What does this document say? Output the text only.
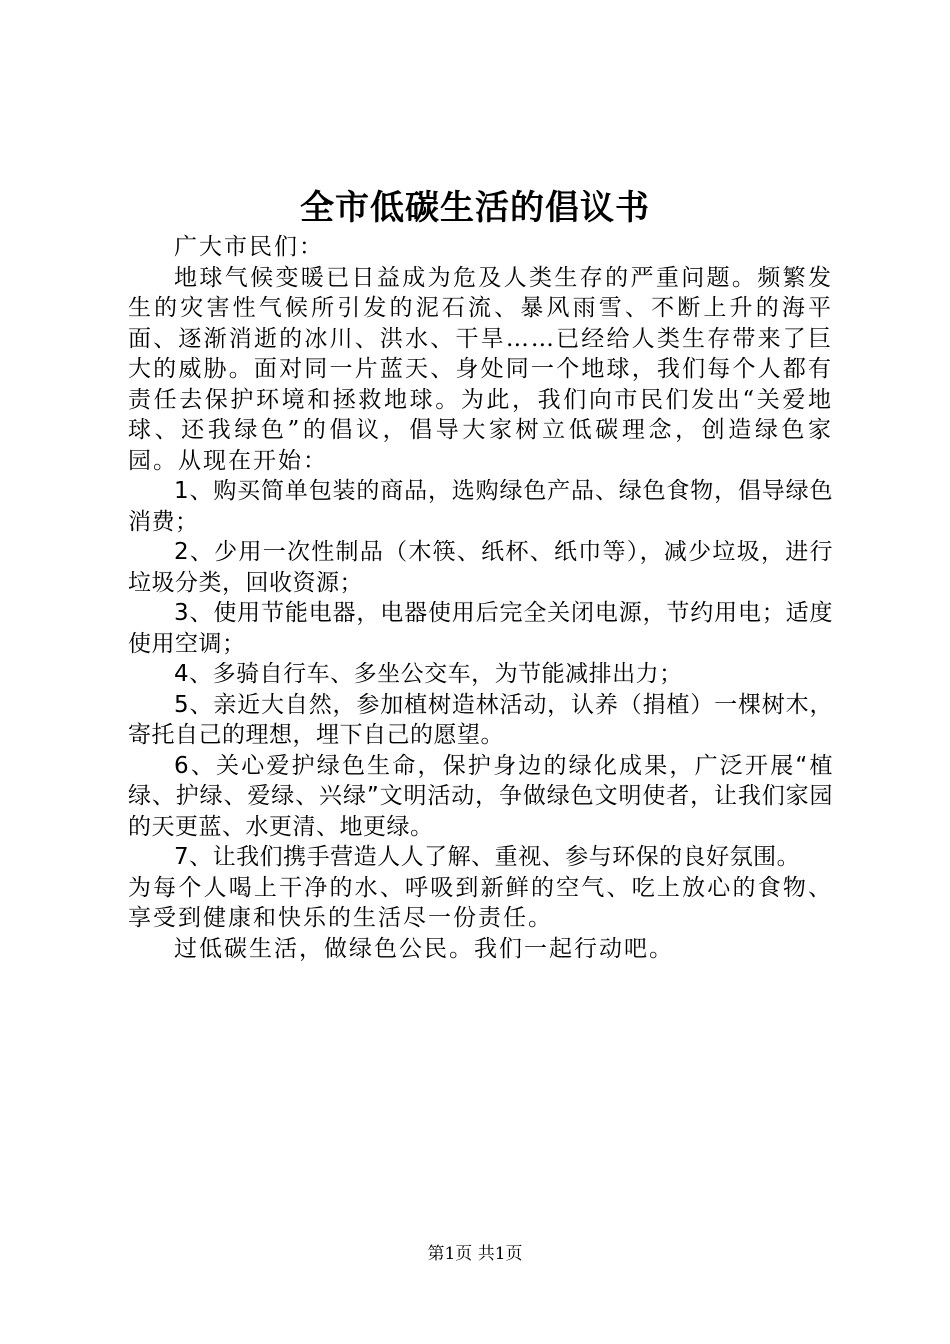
全市低碳生活的倡议书

广大市民们：

地球气候变暖已日益成为危及人类生存的严重问题。频繁发生的灾害性气候所引发的泥石流、暴风雨雪、不断上升的海平面、逐渐消逝的冰川、洪水、干旱……已经给人类生存带来了巨大的威胁。面对同一片蓝天、身处同一个地球，我们每个人都有责任去保护环境和拯救地球。为此，我们向市民们发出“关爱地球、还我绿色”的倡议，倡导大家树立低碳理念，创造绿色家园。从现在开始：

1、购买简单包装的商品，选购绿色产品、绿色食物，倡导绿色消费；

2、少用一次性制品（木筷、纸杯、纸巾等），减少垃圾，进行垃圾分类，回收资源；

3、使用节能电器，电器使用后完全关闭电源，节约用电；适度使用空调；

4、多骑自行车、多坐公交车，为节能减排出力；

5、亲近大自然，参加植树造林活动，认养（捐植）一棵树木，寄托自己的理想，埋下自己的愿望。

6、关心爱护绿色生命，保护身边的绿化成果，广泛开展“植绿、护绿、爱绿、兴绿”文明活动，争做绿色文明使者，让我们家园的天更蓝、水更清、地更绿。

7、让我们携手营造人人了解、重视、参与环保的良好氛围。

为每个人喝上干净的水、呼吸到新鲜的空气、吃上放心的食物、享受到健康和快乐的生活尽一份责任。

过低碳生活，做绿色公民。我们一起行动吧。

第1页 共1页
